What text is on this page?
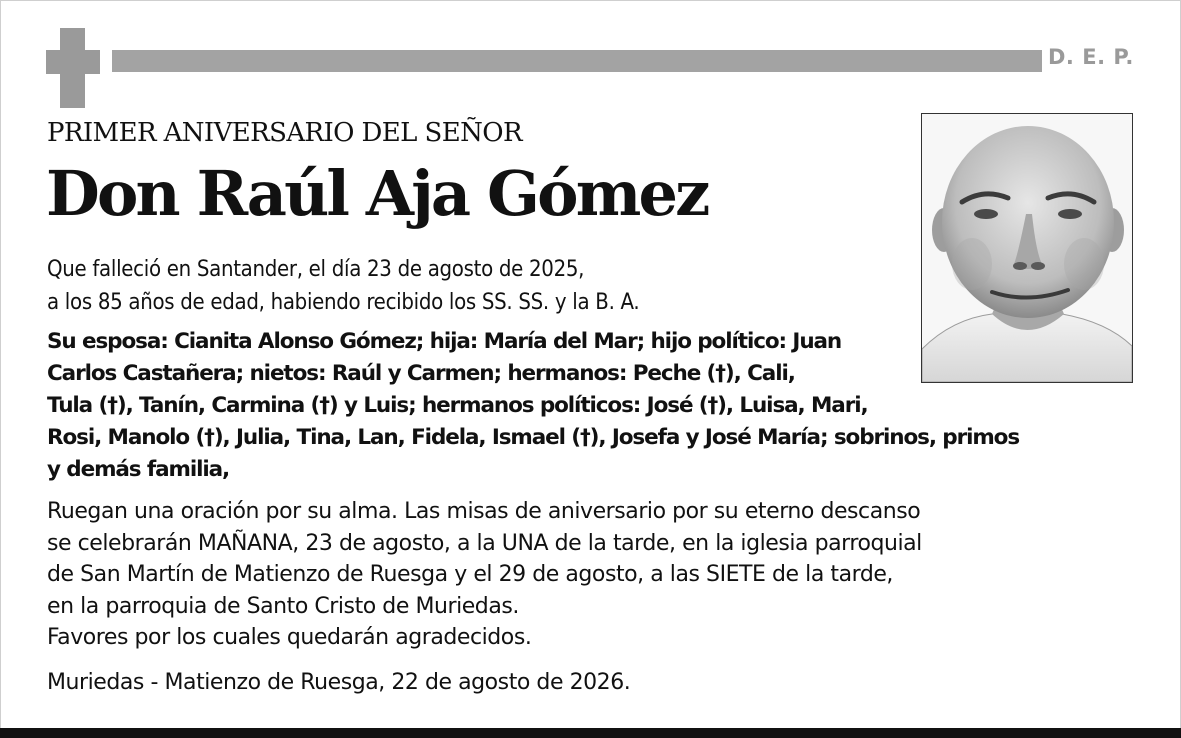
D. E. P.
PRIMER ANIVERSARIO DEL SEÑOR
Don Raúl Aja Gómez
Que falleció en Santander, el día 23 de agosto de 2025,
a los 85 años de edad, habiendo recibido los SS. SS. y la B. A.
Su esposa: Cianita Alonso Gómez; hija: María del Mar; hijo político: Juan
Carlos Castañera; nietos: Raúl y Carmen; hermanos: Peche (†), Cali,
Tula (†), Tanín, Carmina (†) y Luis; hermanos políticos: José (†), Luisa, Mari,
Rosi, Manolo (†), Julia, Tina, Lan, Fidela, Ismael (†), Josefa y José María; sobrinos, primos
y demás familia,
Ruegan una oración por su alma. Las misas de aniversario por su eterno descanso
se celebrarán MAÑANA, 23 de agosto, a la UNA de la tarde, en la iglesia parroquial
de San Martín de Matienzo de Ruesga y el 29 de agosto, a las SIETE de la tarde,
en la parroquia de Santo Cristo de Muriedas.
Favores por los cuales quedarán agradecidos.
Muriedas - Matienzo de Ruesga, 22 de agosto de 2026.
